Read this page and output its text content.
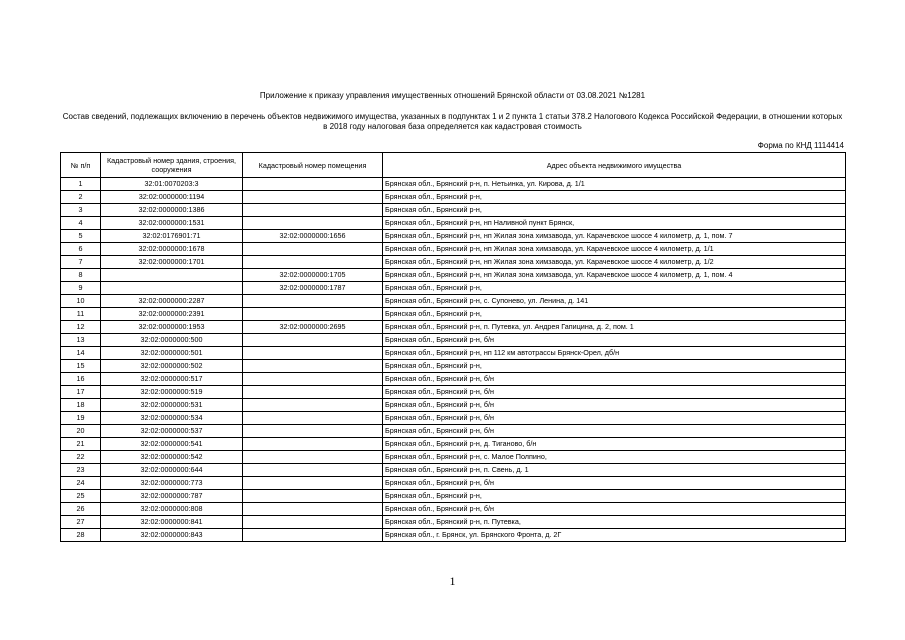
Приложение к приказу управления имущественных отношений Брянской области от 03.08.2021 №1281
Состав сведений, подлежащих включению в перечень объектов недвижимого имущества, указанных в подпунктах 1 и 2 пункта 1 статьи 378.2 Налогового Кодекса Российской Федерации, в отношении которых в 2018 году налоговая база определяется как кадастровая стоимость
Форма по КНД 1114414
№ п/п	Кадастровый номер здания, строения, сооружения	Кадастровый номер помещения	Адрес объекта недвижимого имущества
1	32:01:0070203:3		Брянская обл., Брянский р-н, п. Нетьинка, ул. Кирова, д. 1/1
2	32:02:0000000:1194		Брянская обл., Брянский р-н,
3	32:02:0000000:1386		Брянская обл., Брянский р-н,
4	32:02:0000000:1531		Брянская обл., Брянский р-н, нп Наливной пункт Брянск,
5	32:02:0176901:71	32:02:0000000:1656	Брянская обл., Брянский р-н, нп Жилая зона химзавода, ул. Карачевское шоссе 4 километр, д. 1, пом. 7
6	32:02:0000000:1678		Брянская обл., Брянский р-н, нп Жилая зона химзавода, ул. Карачевское шоссе 4 километр, д. 1/1
7	32:02:0000000:1701		Брянская обл., Брянский р-н, нп Жилая зона химзавода, ул. Карачевское шоссе 4 километр, д. 1/2
8		32:02:0000000:1705	Брянская обл., Брянский р-н, нп Жилая зона химзавода, ул. Карачевское шоссе 4 километр, д. 1, пом. 4
9		32:02:0000000:1787	Брянская обл., Брянский р-н,
10	32:02:0000000:2287		Брянская обл., Брянский р-н, с. Супонево, ул. Ленина, д. 141
11	32:02:0000000:2391		Брянская обл., Брянский р-н,
12	32:02:0000000:1953	32:02:0000000:2695	Брянская обл., Брянский р-н, п. Путевка, ул. Андрея Гапицина, д. 2, пом. 1
13	32:02:0000000:500		Брянская обл., Брянский р-н, б/н
14	32:02:0000000:501		Брянская обл., Брянский р-н, нп 112 км автотрассы Брянск-Орел, дб/н
15	32:02:0000000:502		Брянская обл., Брянский р-н,
16	32:02:0000000:517		Брянская обл., Брянский р-н, б/н
17	32:02:0000000:519		Брянская обл., Брянский р-н, б/н
18	32:02:0000000:531		Брянская обл., Брянский р-н, б/н
19	32:02:0000000:534		Брянская обл., Брянский р-н, б/н
20	32:02:0000000:537		Брянская обл., Брянский р-н, б/н
21	32:02:0000000:541		Брянская обл., Брянский р-н, д. Тиганово, б/н
22	32:02:0000000:542		Брянская обл., Брянский р-н, с. Малое Полпино,
23	32:02:0000000:644		Брянская обл., Брянский р-н, п. Свень, д. 1
24	32:02:0000000:773		Брянская обл., Брянский р-н, б/н
25	32:02:0000000:787		Брянская обл., Брянский р-н,
26	32:02:0000000:808		Брянская обл., Брянский р-н, б/н
27	32:02:0000000:841		Брянская обл., Брянский р-н, п. Путевка,
28	32:02:0000000:843		Брянская обл., г. Брянск, ул. Брянского Фронта, д. 2Г
1
